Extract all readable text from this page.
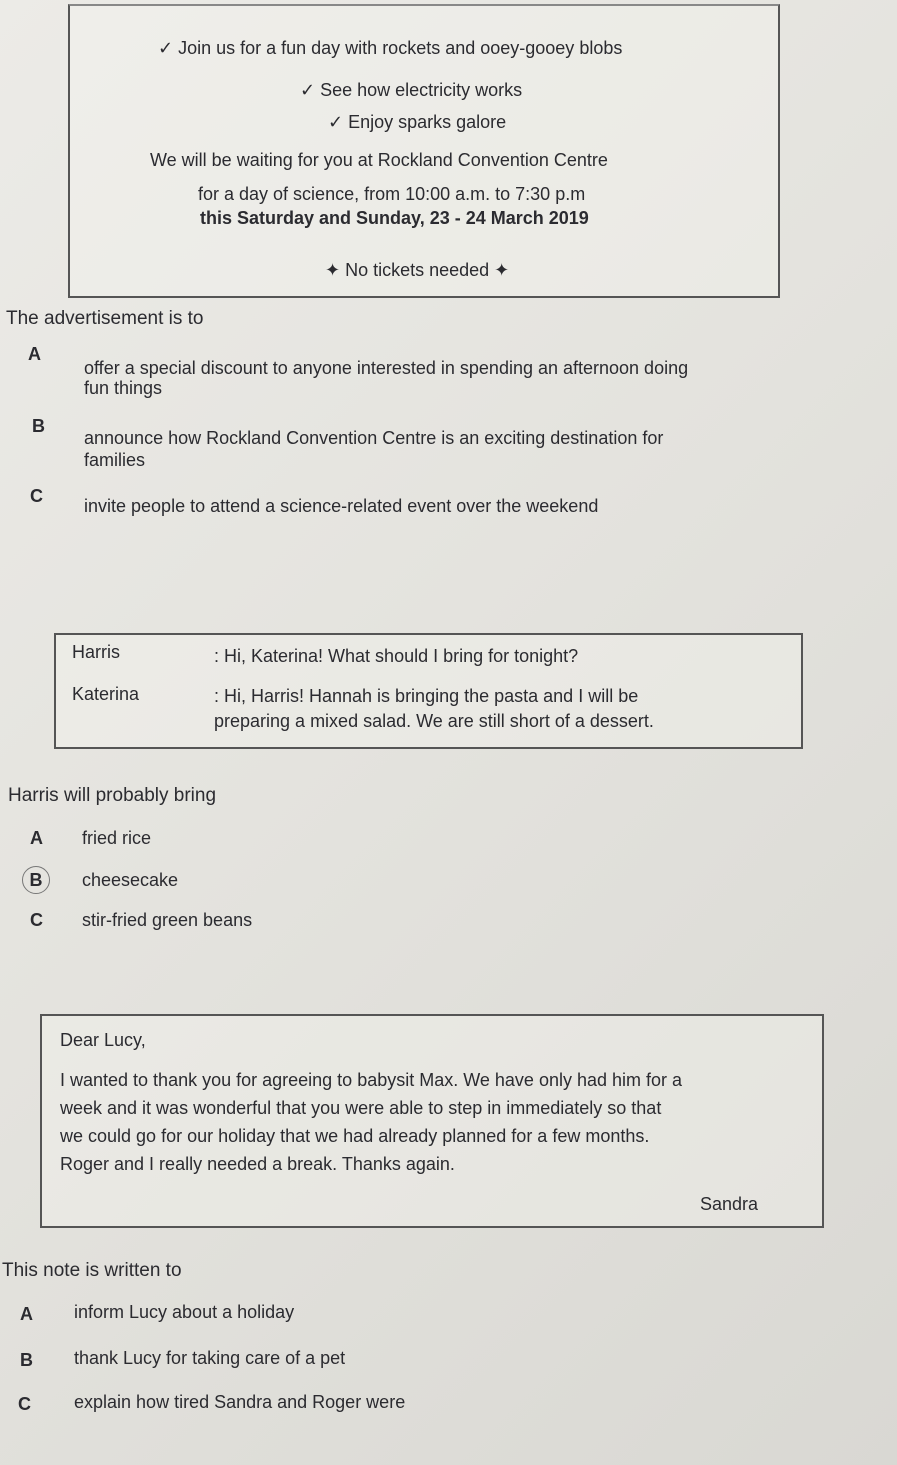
✓ Join us for a fun day with rockets and ooey-gooey blobs
✓ See how electricity works
✓ Enjoy sparks galore
We will be waiting for you at Rockland Convention Centre
for a day of science, from 10:00 a.m. to 7:30 p.m
this Saturday and Sunday, 23 - 24 March 2019
✦ No tickets needed ✦
The advertisement is to
A
offer a special discount to anyone interested in spending an afternoon doing
fun things
B
announce how Rockland Convention Centre is an exciting destination for
families
C invite people to attend a science-related event over the weekend
Harris	: Hi, Katerina! What should I bring for tonight?
Katerina	: Hi, Harris! Hannah is bringing the pasta and I will be
preparing a mixed salad. We are still short of a dessert.
Harris will probably bring
A fried rice
B	cheesecake
C stir-fried green beans
Dear Lucy,
I wanted to thank you for agreeing to babysit Max. We have only had him for a
week and it was wonderful that you were able to step in immediately so that
we could go for our holiday that we had already planned for a few months.
Roger and I really needed a break. Thanks again.
Sandra
This note is written to
A inform Lucy about a holiday
B thank Lucy for taking care of a pet
C explain how tired Sandra and Roger were
